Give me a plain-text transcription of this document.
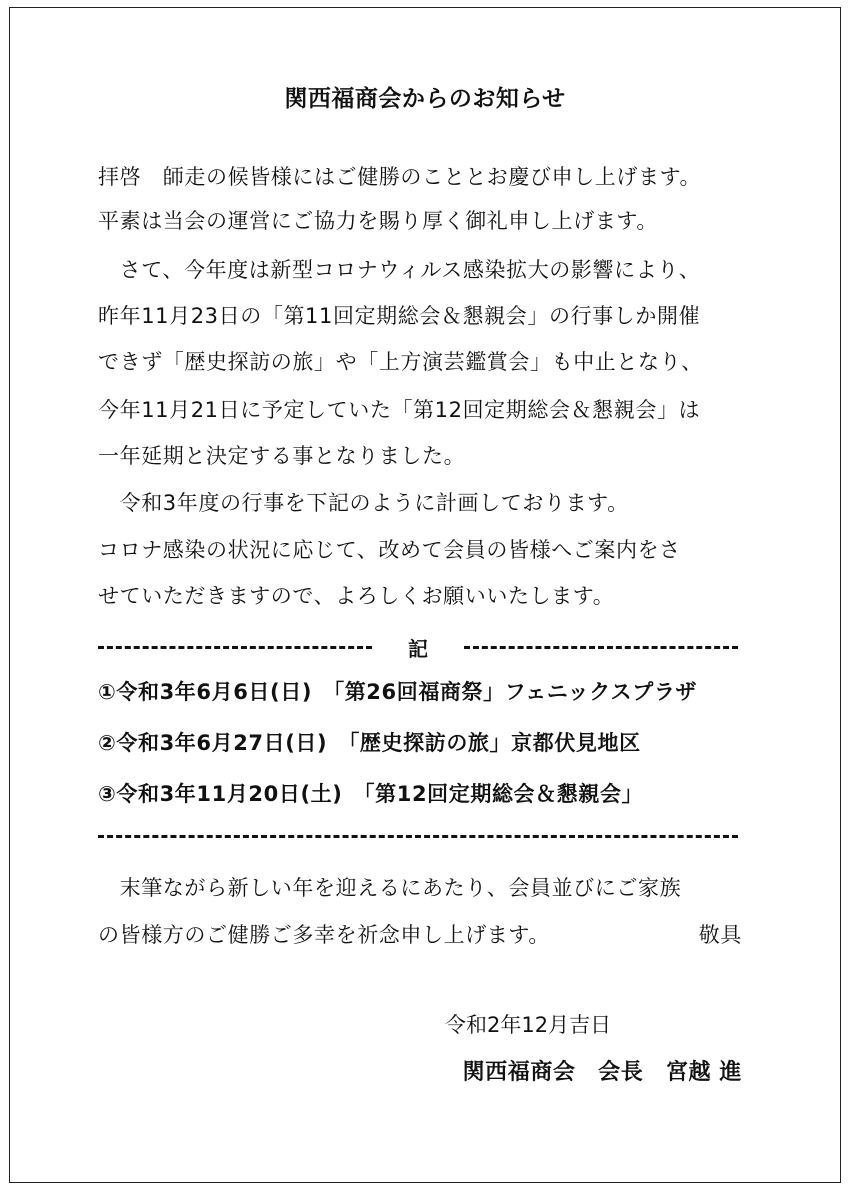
関西福商会からのお知らせ
拝啓　師走の候皆様にはご健勝のこととお慶び申し上げます。
平素は当会の運営にご協力を賜り厚く御礼申し上げます。
　さて、今年度は新型コロナウィルス感染拡大の影響により、
昨年11月23日の「第11回定期総会＆懇親会」の行事しか開催
できず「歴史探訪の旅」や「上方演芸鑑賞会」も中止となり、
今年11月21日に予定していた「第12回定期総会＆懇親会」は
一年延期と決定する事となりました。
　令和3年度の行事を下記のように計画しております。
コロナ感染の状況に応じて、改めて会員の皆様へご案内をさ
せていただきますので、よろしくお願いいたします。
記
①令和3年6月6日(日)　「第26回福商祭」フェニックスプラザ
②令和3年6月27日(日)　「歴史探訪の旅」京都伏見地区
③令和3年11月20日(土)　「第12回定期総会＆懇親会」
　末筆ながら新しい年を迎えるにあたり、会員並びにご家族
の皆様方のご健勝ご多幸を祈念申し上げます。	敬具
令和2年12月吉日
関西福商会　会長　宮越 進
